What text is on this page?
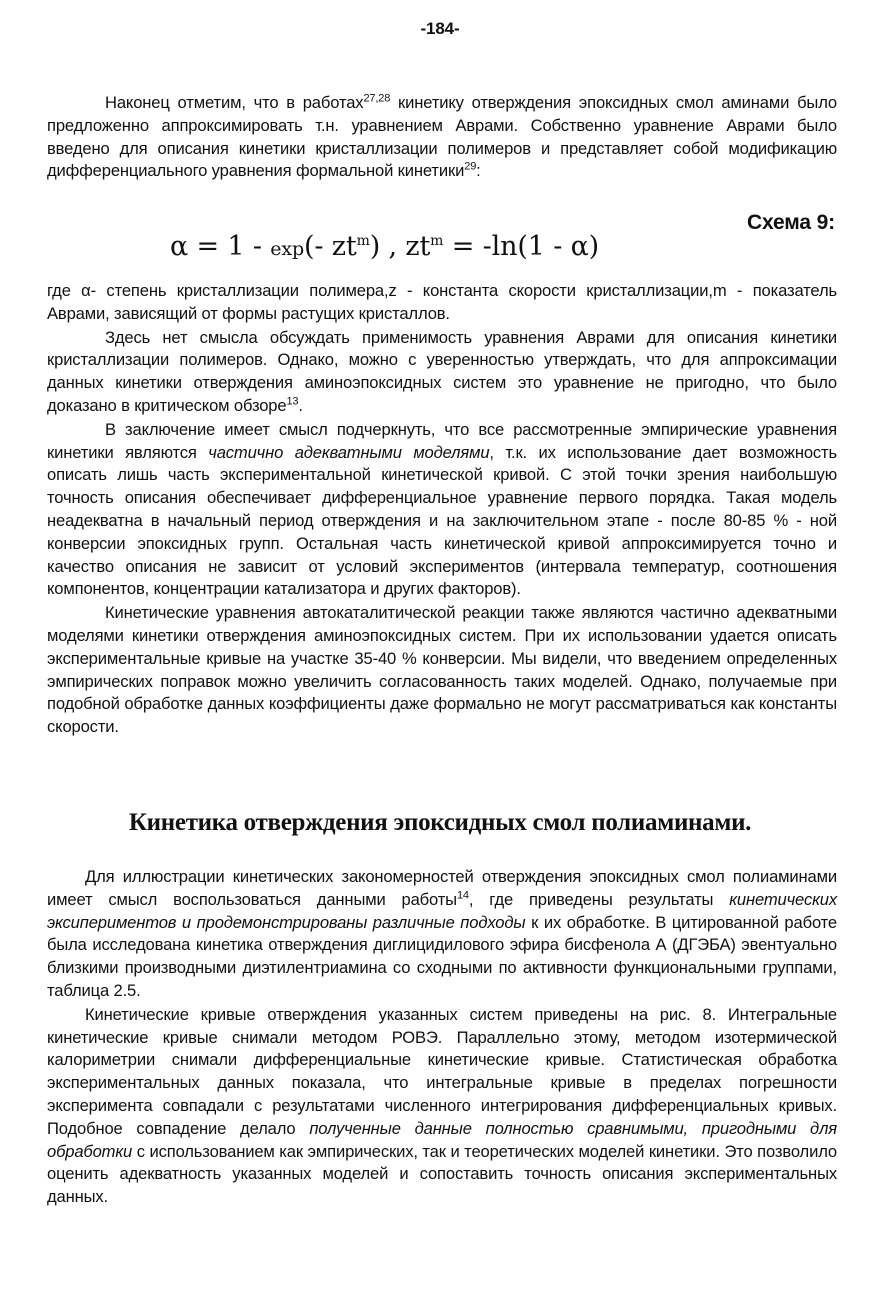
-184-

Наконец отметим, что в работах$^{27,28}$ кинетику отверждения эпоксидных смол аминами было предложенно аппроксимировать т.н. уравнением Аврами. Собственно уравнение Аврами было введено для описания кинетики кристаллизации полимеров и представляет собой модификацию дифференциального уравнения формальной кинетики$^{29}$:

Схема 9:
α = 1 - exp(- $zt^m$) , $zt^m = -\ln(1 - \alpha)$

где α- степень кристаллизации полимера,z - константа скорости кристаллизации,m - показатель Аврами, зависящий от формы растущих кристаллов.

Здесь нет смысла обсуждать применимость уравнения Аврами для описания кинетики кристаллизации полимеров. Однако, можно с уверенностью утверждать, что для аппроксимации данных кинетики отверждения аминоэпоксидных систем это уравнение не пригодно, что было доказано в критическом обзоре$^{13}$.

В заключение имеет смысл подчеркнуть, что все рассмотренные эмпирические уравнения кинетики являются частично адекватными моделями, т.к. их использование дает возможность описать лишь часть экспериментальной кинетической кривой. С этой точки зрения наибольшую точность описания обеспечивает дифференциальное уравнение первого порядка. Такая модель неадекватна в начальный период отверждения и на заключительном этапе - после 80-85 % - ной конверсии эпоксидных групп. Остальная часть кинетической кривой аппроксимируется точно и качество описания не зависит от условий экспериментов (интервала температур, соотношения компонентов, концентрации катализатора и других факторов).

Кинетические уравнения автокаталитической реакции также являются частично адекватными моделями кинетики отверждения аминоэпоксидных систем. При их использовании удается описать экспериментальные кривые на участке 35-40 % конверсии. Мы видели, что введением определенных эмпирических поправок можно увеличить согласованность таких моделей. Однако, получаемые при подобной обработке данных коэффициенты даже формально не могут рассматриваться как константы скорости.

Кинетика отверждения эпоксидных смол полиаминами.

Для иллюстрации кинетических закономерностей отверждения эпоксидных смол полиаминами имеет смысл воспользоваться данными работы$^{14}$, где приведены результаты кинетических эксипериментов и продемонстрированы различные подходы к их обработке. В цитированной работе была исследована кинетика отверждения диглицидилового эфира бисфенола А (ДГЭБА) эвентуально близкими производными диэтилентриамина со сходными по активности функциональными группами, таблица 2.5.

Кинетические кривые отверждения указанных систем приведены на рис. 8. Интегральные кинетические кривые снимали методом РОВЭ. Параллельно этому, методом изотермической калориметрии снимали дифференциальные кинетические кривые. Статистическая обработка экспериментальных данных показала, что интегральные кривые в пределах погрешности эксперимента совпадали с результатами численного интегрирования дифференциальных кривых. Подобное совпадение делало полученные данные полностью сравнимыми, пригодными для обработки с использованием как эмпирических, так и теоретических моделей кинетики. Это позволило оценить адекватность указанных моделей и сопоставить точность описания экспериментальных данных.
